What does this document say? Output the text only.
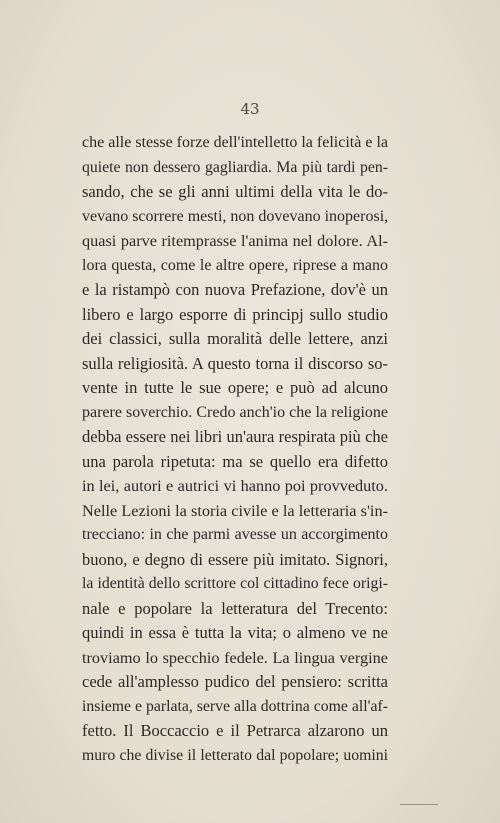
43
che alle stesse forze dell'intelletto la felicità e la
quiete non dessero gagliardia. Ma più tardi pen-
sando, che se gli anni ultimi della vita le do-
vevano scorrere mesti, non dovevano inoperosi,
quasi parve ritemprasse l'anima nel dolore. Al-
lora questa, come le altre opere, riprese a mano
e la ristampò con nuova Prefazione, dov'è un
libero e largo esporre di principj sullo studio
dei classici, sulla moralità delle lettere, anzi
sulla religiosità. A questo torna il discorso so-
vente in tutte le sue opere; e può ad alcuno
parere soverchio. Credo anch'io che la religione
debba essere nei libri un'aura respirata più che
una parola ripetuta: ma se quello era difetto
in lei, autori e autrici vi hanno poi provveduto.
Nelle Lezioni la storia civile e la letteraria s'in-
trecciano: in che parmi avesse un accorgimento
buono, e degno di essere più imitato. Signori,
la identità dello scrittore col cittadino fece origi-
nale e popolare la letteratura del Trecento:
quindi in essa è tutta la vita; o almeno ve ne
troviamo lo specchio fedele. La lingua vergine
cede all'amplesso pudico del pensiero: scritta
insieme e parlata, serve alla dottrina come all'af-
fetto. Il Boccaccio e il Petrarca alzarono un
muro che divise il letterato dal popolare; uomini
